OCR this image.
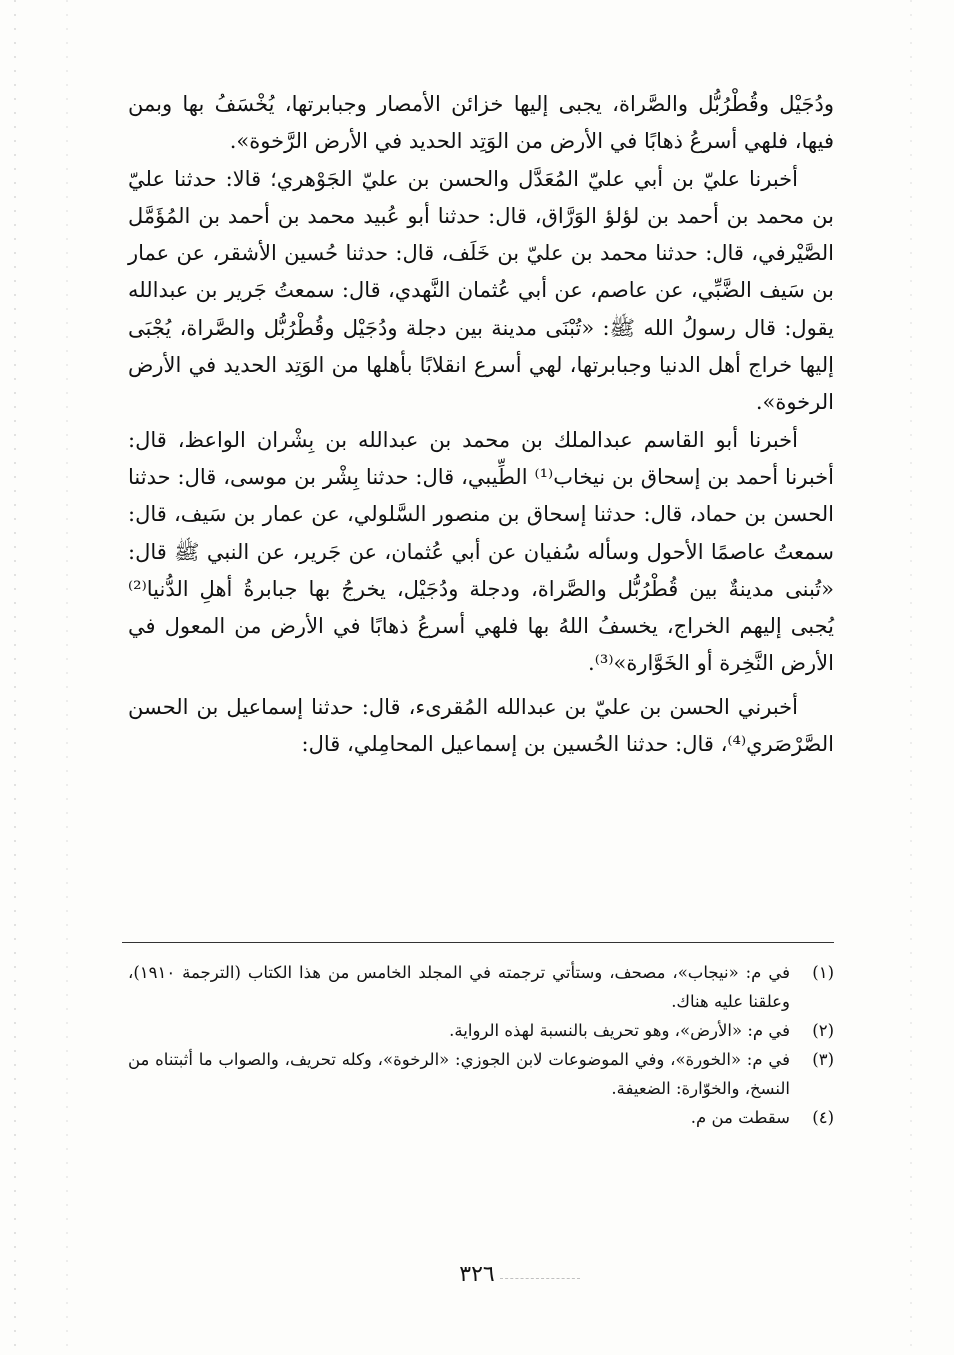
ودُجَيْل وقُطْرُبُّل والصَّراة، يجبى إليها خزائن الأمصار وجبابرتها، يُخْسَفُ بها وبمن فيها، فلهي أسرعُ ذهابًا في الأرض من الوَتِد الحديد في الأرض الرَّخوة».

أخبرنا عليّ بن أبي عليّ المُعَدَّل والحسن بن عليّ الجَوْهري؛ قالا: حدثنا عليّ بن محمد بن أحمد بن لؤلؤ الوَرَّاق، قال: حدثنا أبو عُبيد محمد بن أحمد بن المُؤَمَّل الصَّيْرفي، قال: حدثنا محمد بن عليّ بن خَلَف، قال: حدثنا حُسين الأشقر، عن عمار بن سَيف الضَّبِّي، عن عاصم، عن أبي عُثمان النَّهدي، قال: سمعتُ جَرير بن عبدالله يقول: قال رسولُ الله ﷺ: «تُبْنَى مدينة بين دجلة ودُجَيْل وقُطْرُبُّل والصَّراة، يُجْبَى إليها خراج أهل الدنيا وجبابرتها، لهي أسرع انقلابًا بأهلها من الوَتِد الحديد في الأرض الرخوة».

أخبرنا أبو القاسم عبدالملك بن محمد بن عبدالله بن بِشْران الواعظ، قال: أخبرنا أحمد بن إسحاق بن نيخاب⁽¹⁾ الطِّيبي، قال: حدثنا بِشْر بن موسى، قال: حدثنا الحسن بن حماد، قال: حدثنا إسحاق بن منصور السَّلولي، عن عمار بن سَيف، قال: سمعتُ عاصمًا الأحول وسأله سُفيان عن أبي عُثمان، عن جَرير، عن النبي ﷺ قال: «تُبنى مدينةٌ بين قُطْرُبُّل والصَّراة، ودجلة ودُجَيْل، يخرجُ بها جبابرةُ أهلِ الدُّنيا⁽²⁾ يُجبى إليهم الخراج، يخسفُ اللهُ بها فلهي أسرعُ ذهابًا في الأرض من المعول في الأرض النَّخِرة أو الخَوَّارة»⁽³⁾.

أخبرني الحسن بن عليّ بن عبدالله المُقرىء، قال: حدثنا إسماعيل بن الحسن الصَّرْصَري⁽⁴⁾، قال: حدثنا الحُسين بن إسماعيل المحامِلي، قال:

(١)
في م: «نيجاب»، مصحف، وستأتي ترجمته في المجلد الخامس من هذا الكتاب (الترجمة ١٩١٠)، وعلقنا عليه هناك.
(٢)
في م: «الأرض»، وهو تحريف بالنسبة لهذه الرواية.
(٣)
في م: «الخورة»، وفي الموضوعات لابن الجوزي: «الرخوة»، وكله تحريف، والصواب ما أثبتناه من النسخ، والخوّارة: الضعيفة.
(٤)
سقطت من م.
٣٢٦
